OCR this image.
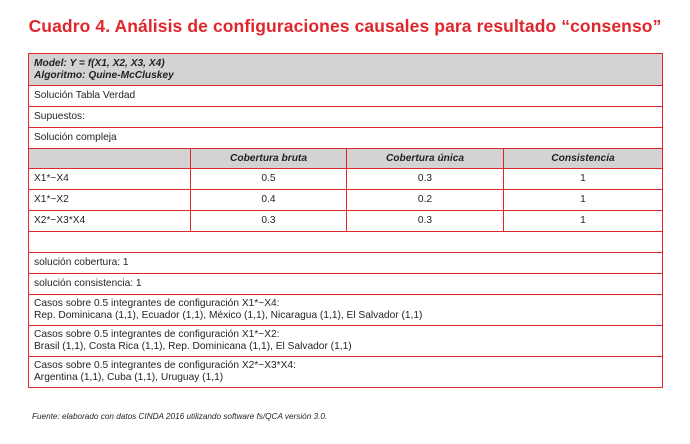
Cuadro 4. Análisis de configuraciones causales para resultado “consenso”
Model: Y = f(X1, X2, X3, X4)
Algoritmo: Quine-McCluskey			

Solución Tabla Verdad			
Supuestos:			
Solución compleja			
	Cobertura bruta	Cobertura única	Consistencia
X1*~X4	0.5	0.3	1
X1*~X2	0.4	0.2	1
X2*~X3*X4	0.3	0.3	1

solución cobertura: 1			
solución consistencia: 1			

Casos sobre 0.5 integrantes de configuración X1*~X4:
Rep. Dominicana (1,1), Ecuador (1,1), México (1,1), Nicaragua (1,1), El Salvador (1,1)			

Casos sobre 0.5 integrantes de configuración X1*~X2:
Brasil (1,1), Costa Rica (1,1), Rep. Dominicana (1,1), El Salvador (1,1)			

Casos sobre 0.5 integrantes de configuración X2*~X3*X4:
Argentina (1,1), Cuba (1,1), Uruguay (1,1)			
Fuente: elaborado con datos CINDA 2016 utilizando software fs/QCA versión 3.0.
